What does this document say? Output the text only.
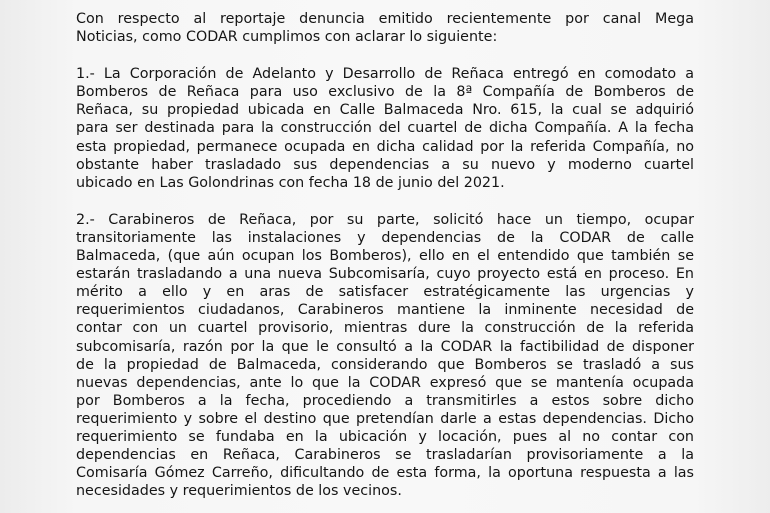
Con respecto al reportaje denuncia emitido recientemente por canal Mega
Noticias, como CODAR cumplimos con aclarar lo siguiente:
1.- La Corporación de Adelanto y Desarrollo de Reñaca entregó en comodato a
Bomberos de Reñaca para uso exclusivo de la 8ª Compañía de Bomberos de
Reñaca, su propiedad ubicada en Calle Balmaceda Nro. 615, la cual se adquirió
para ser destinada para la construcción del cuartel de dicha Compañía. A la fecha
esta propiedad, permanece ocupada en dicha calidad por la referida Compañía, no
obstante haber trasladado sus dependencias a su nuevo y moderno cuartel
ubicado en Las Golondrinas con fecha 18 de junio del 2021.
2.- Carabineros de Reñaca, por su parte, solicitó hace un tiempo, ocupar
transitoriamente las instalaciones y dependencias de la CODAR de calle
Balmaceda, (que aún ocupan los Bomberos), ello en el entendido que también se
estarán trasladando a una nueva Subcomisaría, cuyo proyecto está en proceso. En
mérito a ello y en aras de satisfacer estratégicamente las urgencias y
requerimientos ciudadanos, Carabineros mantiene la inminente necesidad de
contar con un cuartel provisorio, mientras dure la construcción de la referida
subcomisaría, razón por la que le consultó a la CODAR la factibilidad de disponer
de la propiedad de Balmaceda, considerando que Bomberos se trasladó a sus
nuevas dependencias, ante lo que la CODAR expresó que se mantenía ocupada
por Bomberos a la fecha, procediendo a transmitirles a estos sobre dicho
requerimiento y sobre el destino que pretendían darle a estas dependencias. Dicho
requerimiento se fundaba en la ubicación y locación, pues al no contar con
dependencias en Reñaca, Carabineros se trasladarían provisoriamente a la
Comisaría Gómez Carreño, dificultando de esta forma, la oportuna respuesta a las
necesidades y requerimientos de los vecinos.
